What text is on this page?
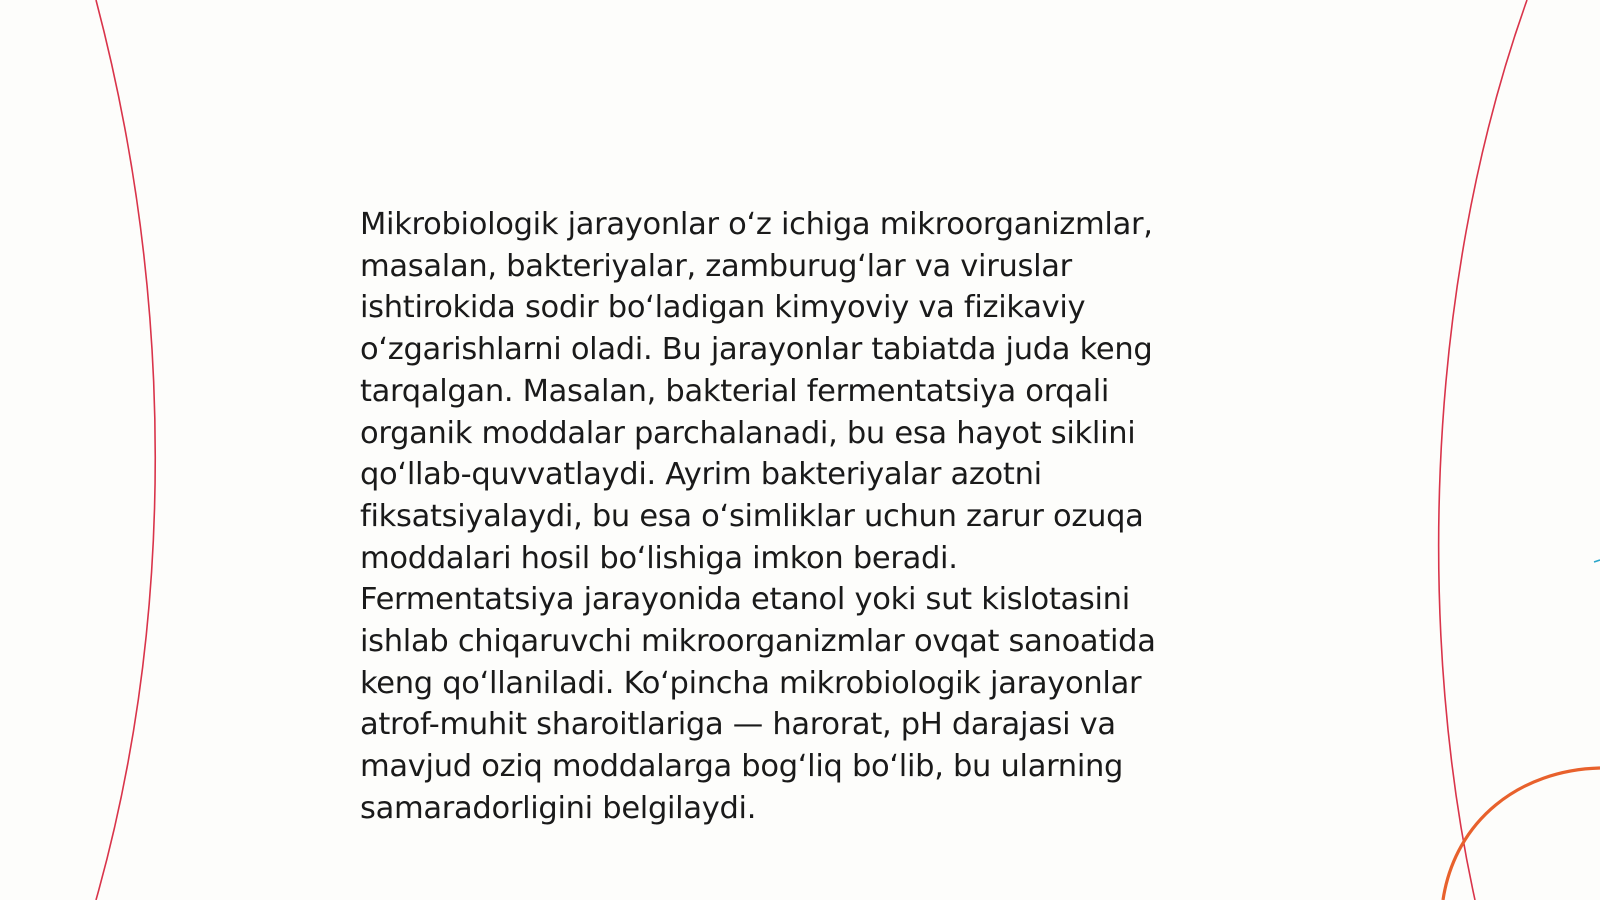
Mikrobiologik jarayonlar oʻz ichiga mikroorganizmlar,
masalan, bakteriyalar, zamburugʻlar va viruslar
ishtirokida sodir boʻladigan kimyoviy va fizikaviy
oʻzgarishlarni oladi. Bu jarayonlar tabiatda juda keng
tarqalgan. Masalan, bakterial fermentatsiya orqali
organik moddalar parchalanadi, bu esa hayot siklini
qoʻllab-quvvatlaydi. Ayrim bakteriyalar azotni
fiksatsiyalaydi, bu esa oʻsimliklar uchun zarur ozuqa
moddalari hosil boʻlishiga imkon beradi.
Fermentatsiya jarayonida etanol yoki sut kislotasini
ishlab chiqaruvchi mikroorganizmlar ovqat sanoatida
keng qoʻllaniladi. Koʻpincha mikrobiologik jarayonlar
atrof-muhit sharoitlariga — harorat, pH darajasi va
mavjud oziq moddalarga bogʻliq boʻlib, bu ularning
samaradorligini belgilaydi.
